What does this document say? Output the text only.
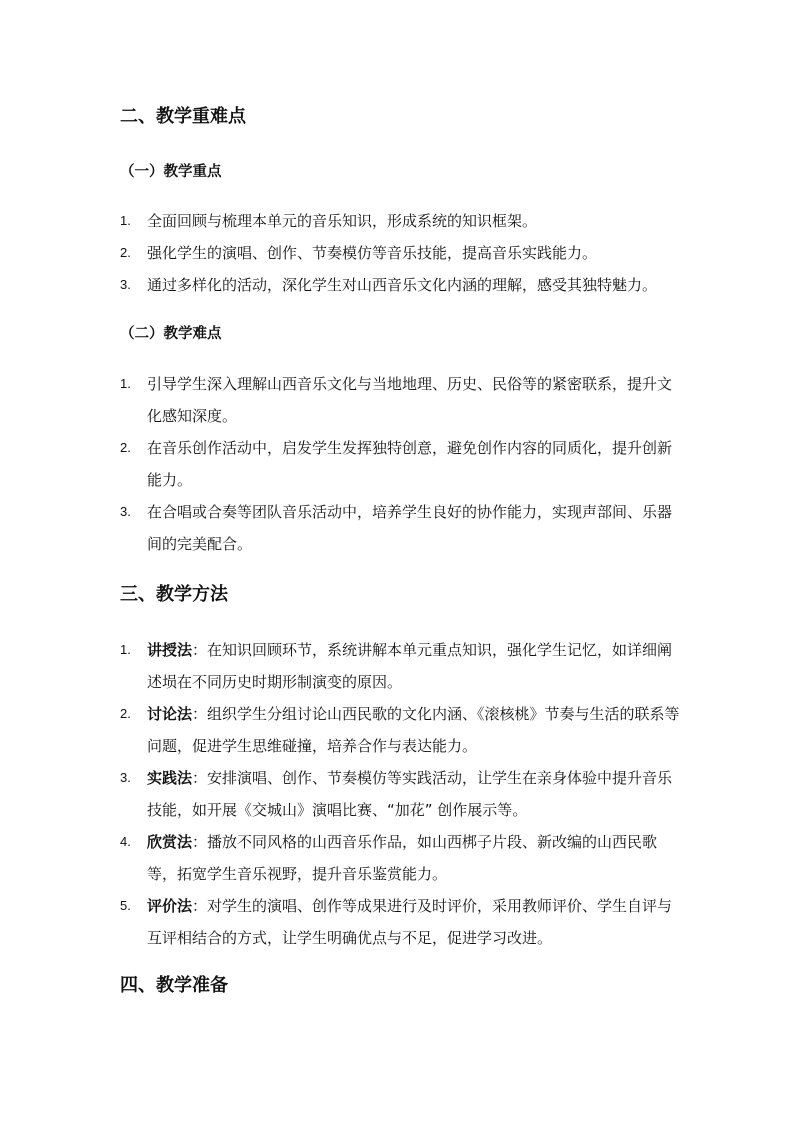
二、教学重难点
（一）教学重点
1. 全面回顾与梳理本单元的音乐知识，形成系统的知识框架。
2. 强化学生的演唱、创作、节奏模仿等音乐技能，提高音乐实践能力。
3. 通过多样化的活动，深化学生对山西音乐文化内涵的理解，感受其独特魅力。
（二）教学难点
1. 引导学生深入理解山西音乐文化与当地地理、历史、民俗等的紧密联系，提升文化感知深度。
2. 在音乐创作活动中，启发学生发挥独特创意，避免创作内容的同质化，提升创新能力。
3. 在合唱或合奏等团队音乐活动中，培养学生良好的协作能力，实现声部间、乐器间的完美配合。
三、教学方法
1. 讲授法：在知识回顾环节，系统讲解本单元重点知识，强化学生记忆，如详细阐述埙在不同历史时期形制演变的原因。
2. 讨论法：组织学生分组讨论山西民歌的文化内涵、《滚核桃》节奏与生活的联系等问题，促进学生思维碰撞，培养合作与表达能力。
3. 实践法：安排演唱、创作、节奏模仿等实践活动，让学生在亲身体验中提升音乐技能，如开展《交城山》演唱比赛、“加花” 创作展示等。
4. 欣赏法：播放不同风格的山西音乐作品，如山西梆子片段、新改编的山西民歌等，拓宽学生音乐视野，提升音乐鉴赏能力。
5. 评价法：对学生的演唱、创作等成果进行及时评价，采用教师评价、学生自评与互评相结合的方式，让学生明确优点与不足，促进学习改进。
四、教学准备
